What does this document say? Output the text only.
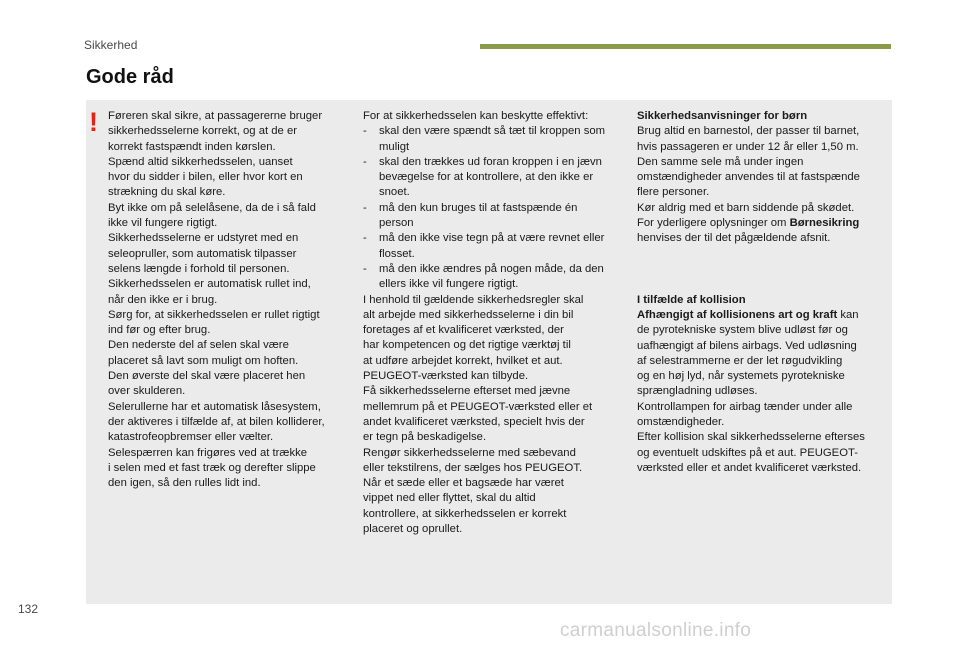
Sikkerhed
Gode råd
! Føreren skal sikre, at passagererne bruger

sikkerhedsselerne korrekt, og at de er

korrekt fastspændt inden kørslen.

Spænd altid sikkerhedsselen, uanset

hvor du sidder i bilen, eller hvor kort en

strækning du skal køre.

Byt ikke om på selelåsene, da de i så fald

ikke vil fungere rigtigt.

Sikkerhedsselerne er udstyret med en

seleopruller, som automatisk tilpasser

selens længde i forhold til personen.

Sikkerhedsselen er automatisk rullet ind,

når den ikke er i brug.

Sørg for, at sikkerhedsselen er rullet rigtigt

ind før og efter brug.

Den nederste del af selen skal være

placeret så lavt som muligt om hoften.

Den øverste del skal være placeret hen

over skulderen.

Selerullerne har et automatisk låsesystem,

der aktiveres i tilfælde af, at bilen kolliderer,

katastrofeopbremser eller vælter.

Selespærren kan frigøres ved at trække

i selen med et fast træk og derefter slippe

den igen, så den rulles lidt ind.

For at sikkerhedsselen kan beskytte effektivt:

- skal den være spændt så tæt til kroppen som muligt

- skal den trækkes ud foran kroppen i en jævn bevægelse for at kontrollere, at den ikke er snoet.

- må den kun bruges til at fastspænde én person

- må den ikke vise tegn på at være revnet eller flosset.

- må den ikke ændres på nogen måde, da den ellers ikke vil fungere rigtigt.

I henhold til gældende sikkerhedsregler skal

alt arbejde med sikkerhedsselerne i din bil

foretages af et kvalificeret værksted, der

har kompetencen og det rigtige værktøj til

at udføre arbejdet korrekt, hvilket et aut.

PEUGEOT-værksted kan tilbyde.

Få sikkerhedsselerne efterset med jævne

mellemrum på et PEUGEOT-værksted eller et

andet kvalificeret værksted, specielt hvis der

er tegn på beskadigelse.

Rengør sikkerhedsselerne med sæbevand

eller tekstilrens, der sælges hos PEUGEOT.

Når et sæde eller et bagsæde har været

vippet ned eller flyttet, skal du altid

kontrollere, at sikkerhedsselen er korrekt

placeret og oprullet.

Sikkerhedsanvisninger for børn

Brug altid en barnestol, der passer til barnet,

hvis passageren er under 12 år eller 1,50 m.

Den samme sele må under ingen

omstændigheder anvendes til at fastspænde

flere personer.

Kør aldrig med et barn siddende på skødet.

For yderligere oplysninger om Børnesikring

henvises der til det pågældende afsnit.

I tilfælde af kollision

Afhængigt af kollisionens art og kraft kan

de pyrotekniske system blive udløst før og

uafhængigt af bilens airbags. Ved udløsning

af selestrammerne er der let røgudvikling

og en høj lyd, når systemets pyrotekniske

sprængladning udløses.

Kontrollampen for airbag tænder under alle

omstændigheder.

Efter kollision skal sikkerhedsselerne efterses

og eventuelt udskiftes på et aut. PEUGEOT-

værksted eller et andet kvalificeret værksted.

132
carmanualsonline.info
